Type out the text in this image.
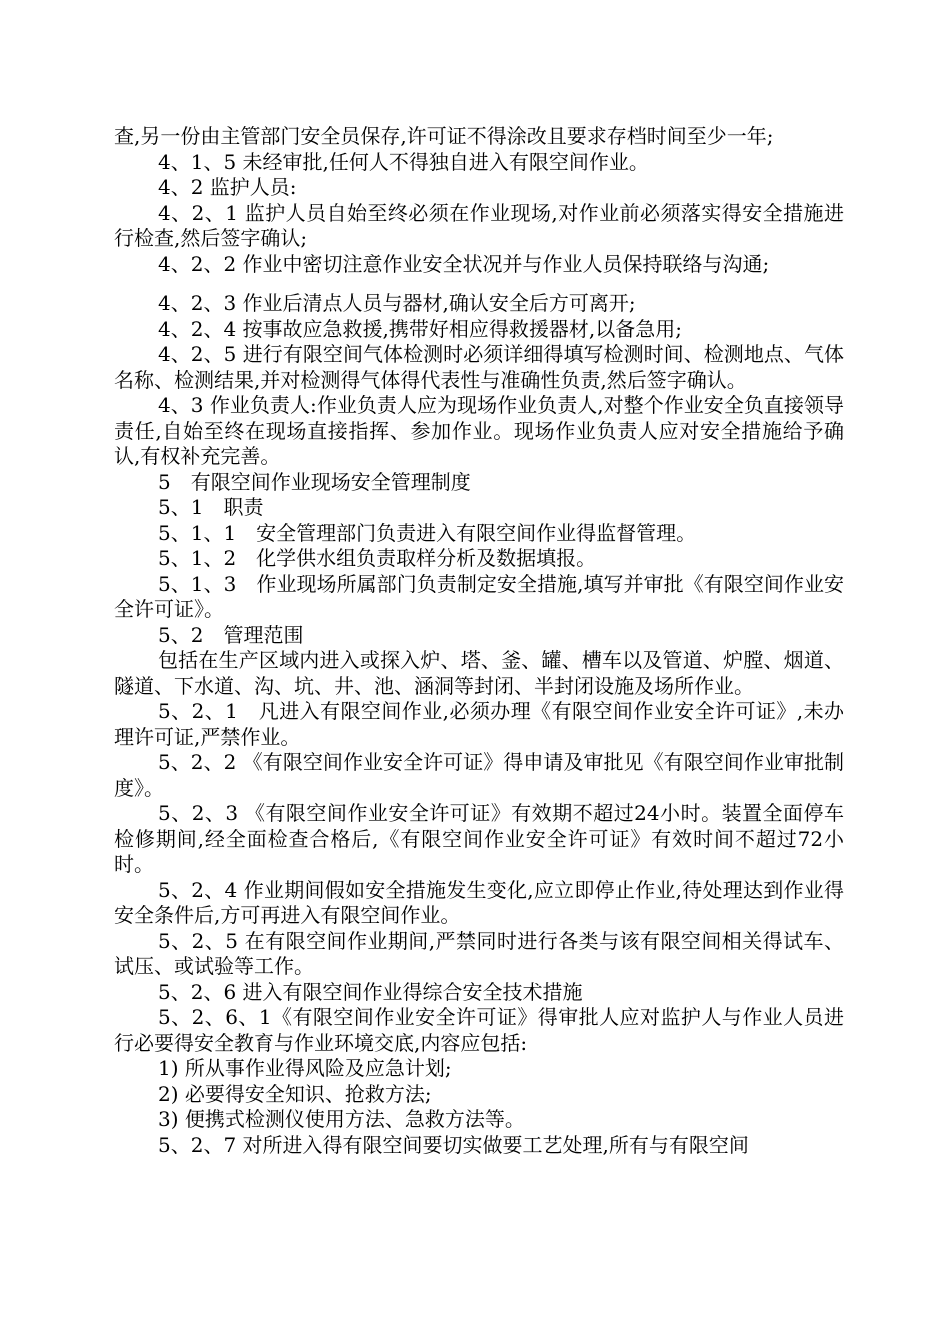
查,另一份由主管部门安全员保存,许可证不得涂改且要求存档时间至少一年;

4、1、5 未经审批,任何人不得独自进入有限空间作业。

4、2 监护人员:

4、2、1 监护人员自始至终必须在作业现场,对作业前必须落实得安全措施进行检查,然后签字确认;

4、2、2 作业中密切注意作业安全状况并与作业人员保持联络与沟通;

4、2、3 作业后清点人员与器材,确认安全后方可离开;

4、2、4 按事故应急救援,携带好相应得救援器材,以备急用;

4、2、5 进行有限空间气体检测时必须详细得填写检测时间、检测地点、气体名称、检测结果,并对检测得气体得代表性与准确性负责,然后签字确认。

4、3 作业负责人:作业负责人应为现场作业负责人,对整个作业安全负直接领导责任,自始至终在现场直接指挥、参加作业。现场作业负责人应对安全措施给予确认,有权补充完善。

5　有限空间作业现场安全管理制度

5、1　职责

5、1、1　安全管理部门负责进入有限空间作业得监督管理。

5、1、2　化学供水组负责取样分析及数据填报。

5、1、3　作业现场所属部门负责制定安全措施,填写并审批《有限空间作业安全许可证》。

5、2　管理范围

包括在生产区域内进入或探入炉、塔、釜、罐、槽车以及管道、炉膛、烟道、隧道、下水道、沟、坑、井、池、涵洞等封闭、半封闭设施及场所作业。

5、2、1　凡进入有限空间作业,必须办理《有限空间作业安全许可证》,未办理许可证,严禁作业。

5、2、2 《有限空间作业安全许可证》得申请及审批见《有限空间作业审批制度》。

5、2、3 《有限空间作业安全许可证》有效期不超过24小时。装置全面停车检修期间,经全面检查合格后,《有限空间作业安全许可证》有效时间不超过72小时。

5、2、4 作业期间假如安全措施发生变化,应立即停止作业,待处理达到作业得安全条件后,方可再进入有限空间作业。

5、2、5 在有限空间作业期间,严禁同时进行各类与该有限空间相关得试车、试压、或试验等工作。

5、2、6 进入有限空间作业得综合安全技术措施

5、2、6、1《有限空间作业安全许可证》得审批人应对监护人与作业人员进行必要得安全教育与作业环境交底,内容应包括:

1) 所从事作业得风险及应急计划;

2) 必要得安全知识、抢救方法;

3) 便携式检测仪使用方法、急救方法等。

5、2、7 对所进入得有限空间要切实做要工艺处理,所有与有限空间
